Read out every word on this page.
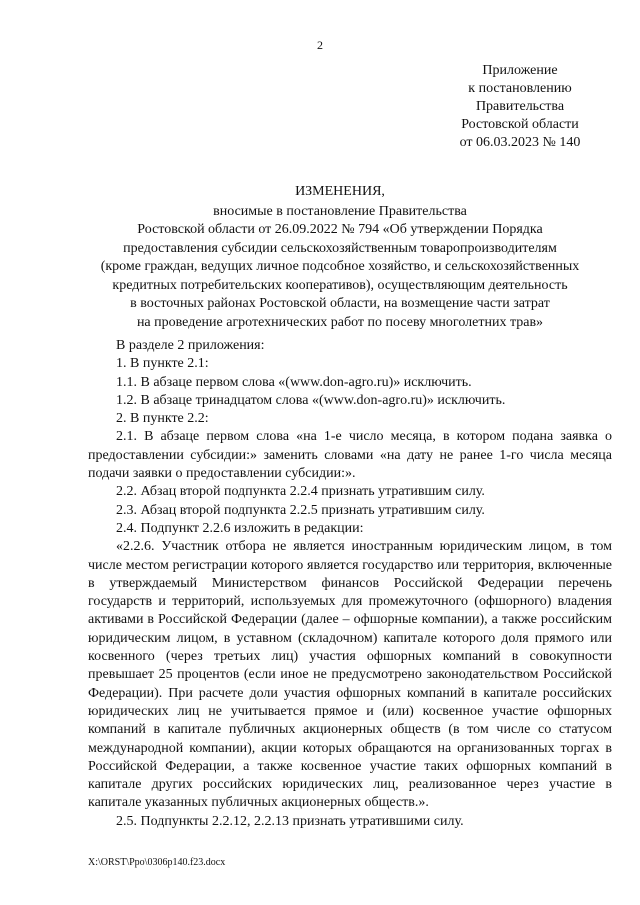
2
Приложение
к постановлению
Правительства
Ростовской области
от 06.03.2023 № 140
ИЗМЕНЕНИЯ,
вносимые в постановление Правительства
Ростовской области от 26.09.2022 № 794 «Об утверждении Порядка
предоставления субсидии сельскохозяйственным товаропроизводителям
(кроме граждан, ведущих личное подсобное хозяйство, и сельскохозяйственных
кредитных потребительских кооперативов), осуществляющим деятельность
в восточных районах Ростовской области, на возмещение части затрат
на проведение агротехнических работ по посеву многолетних трав»

В разделе 2 приложения:

1. В пункте 2.1:

1.1. В абзаце первом слова «(www.don-agro.ru)» исключить.

1.2. В абзаце тринадцатом слова «(www.don-agro.ru)» исключить.

2. В пункте 2.2:

2.1. В абзаце первом слова «на 1-е число месяца, в котором подана заявка о предоставлении субсидии:» заменить словами «на дату не ранее 1-го числа месяца подачи заявки о предоставлении субсидии:».

2.2. Абзац второй подпункта 2.2.4 признать утратившим силу.

2.3. Абзац второй подпункта 2.2.5 признать утратившим силу.

2.4. Подпункт 2.2.6 изложить в редакции:

«2.2.6. Участник отбора не является иностранным юридическим лицом, в том числе местом регистрации которого является государство или территория, включенные в утверждаемый Министерством финансов Российской Федерации перечень государств и территорий, используемых для промежуточного (офшорного) владения активами в Российской Федерации (далее – офшорные компании), а также российским юридическим лицом, в уставном (складочном) капитале которого доля прямого или косвенного (через третьих лиц) участия офшорных компаний в совокупности превышает 25 процентов (если иное не предусмотрено законодательством Российской Федерации). При расчете доли участия офшорных компаний в капитале российских юридических лиц не учитывается прямое и (или) косвенное участие офшорных компаний в капитале публичных акционерных обществ (в том числе со статусом международной компании), акции которых обращаются на организованных торгах в Российской Федерации, а также косвенное участие таких офшорных компаний в капитале других российских юридических лиц, реализованное через участие в капитале указанных публичных акционерных обществ.».

2.5. Подпункты 2.2.12, 2.2.13 признать утратившими силу.

X:\ORST\Ppo\0306p140.f23.docx
